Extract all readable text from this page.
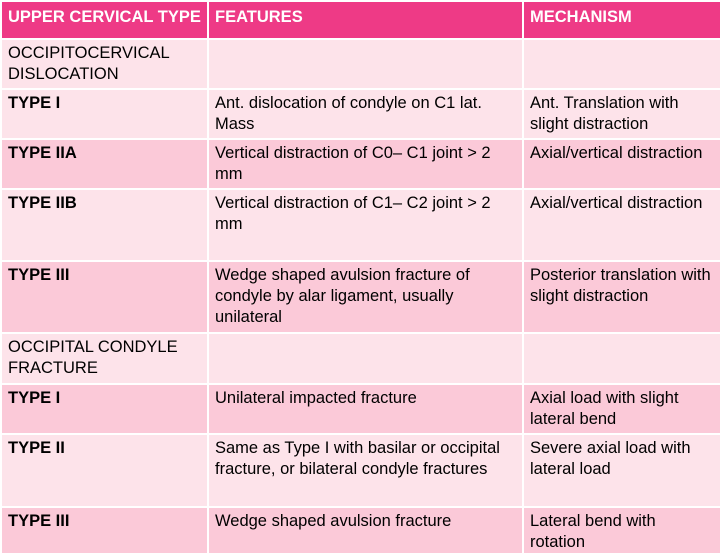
UPPER CERVICAL TYPE	FEATURES	MECHANISM
OCCIPITOCERVICAL DISLOCATION		
TYPE I	Ant. dislocation of condyle on C1 lat. Mass	Ant. Translation with slight distraction
TYPE IIA	Vertical distraction of C0– C1 joint > 2 mm	Axial/vertical distraction
TYPE IIB	Vertical distraction of C1– C2 joint > 2 mm	Axial/vertical distraction
TYPE III	Wedge shaped avulsion fracture of condyle by alar ligament, usually unilateral	Posterior translation with slight distraction
OCCIPITAL CONDYLE FRACTURE		
TYPE I	Unilateral impacted fracture	Axial load with slight lateral bend
TYPE II	Same as Type I with basilar or occipital fracture, or bilateral condyle fractures	Severe axial load with lateral load
TYPE III	Wedge shaped avulsion fracture	Lateral bend with rotation
